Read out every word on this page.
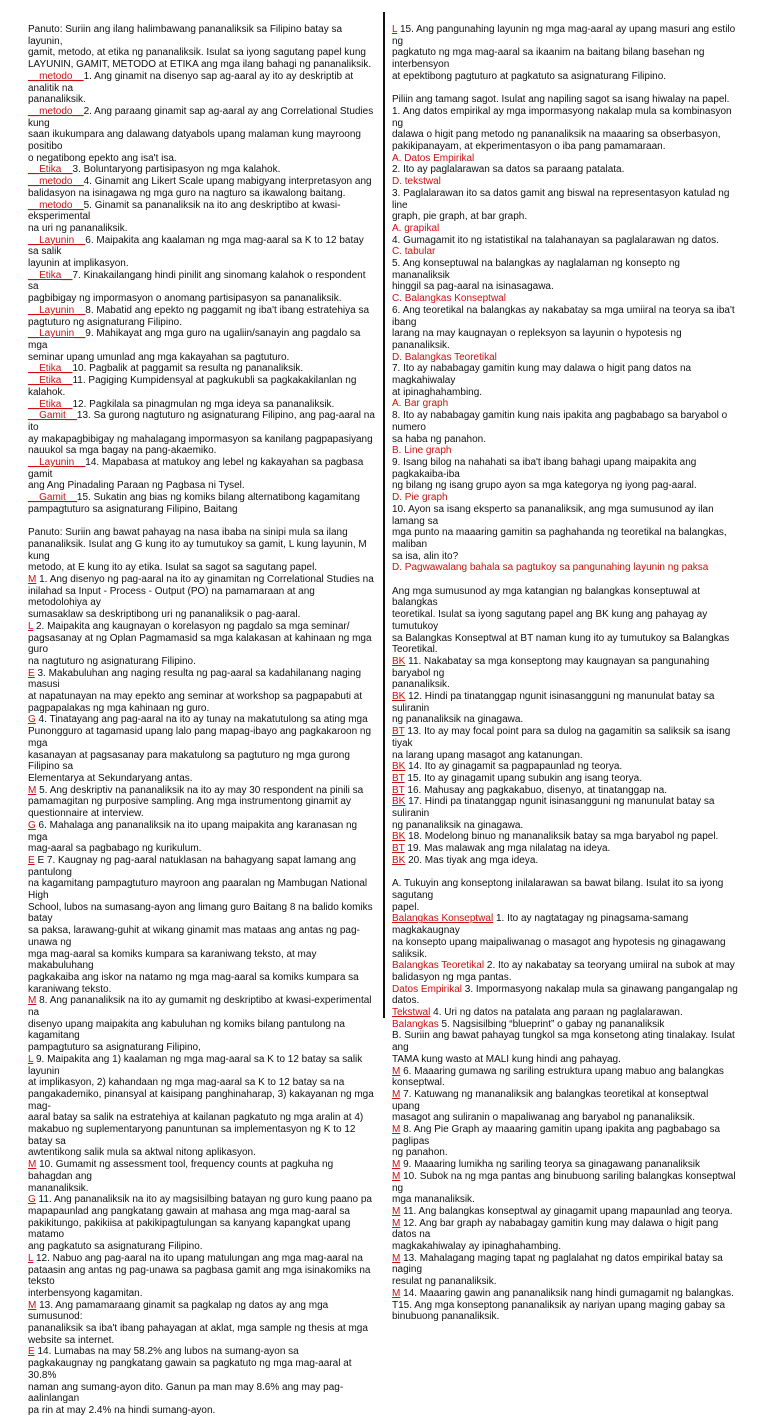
Panuto: Suriin ang ilang halimbawang pananaliksik sa Filipino batay sa layunin,
gamit, metodo, at etika ng pananaliksik. Isulat sa iyong sagutang papel kung
LAYUNIN, GAMIT, METODO at ETIKA ang mga ilang bahagi ng pananaliksik.
__metodo__1. Ang ginamit na disenyo sap ag-aaral ay ito ay deskriptib at analitik na
pananaliksik.
__metodo__2. Ang paraang ginamit sap ag-aaral ay ang Correlational Studies kung
saan ikukumpara ang dalawang datyabols upang malaman kung mayroong positibo
o negatibong epekto ang isa't isa.
__Etika__3. Boluntaryong partisipasyon ng mga kalahok.
__metodo__4. Ginamit ang Likert Scale upang mabigyang interpretasyon ang
balidasyon na isinagawa ng mga guro na nagturo sa ikawalong baitang.
__metodo__5. Ginamit sa pananaliksik na ito ang deskriptibo at kwasi-eksperimental
na uri ng pananaliksik.
__Layunin__6. Maipakita ang kaalaman ng mga mag-aaral sa K to 12 batay sa salik
layunin at implikasyon.
__Etika__7. Kinakailangang hindi pinilit ang sinomang kalahok o respondent sa
pagbibigay ng impormasyon o anomang partisipasyon sa pananaliksik.
__Layunin__8. Mabatid ang epekto ng paggamit ng iba't ibang estratehiya sa
pagtuturo ng asignaturang Filipino.
__Layunin__9. Mahikayat ang mga guro na ugaliin/sanayin ang pagdalo sa mga
seminar upang umunlad ang mga kakayahan sa pagtuturo.
__Etika__10. Pagbalik at paggamit sa resulta ng pananaliksik.
__Etika__11. Pagiging Kumpidensyal at pagkukubli sa pagkakakilanlan ng
kalahok.
__Etika__12. Pagkilala sa pinagmulan ng mga ideya sa pananaliksik.
__Gamit__13. Sa gurong nagtuturo ng asignaturang Filipino, ang pag-aaral na ito
ay makapagbibigay ng mahalagang impormasyon sa kanilang pagpapasiyang
nauukol sa mga bagay na pang-akaemiko.
__Layunin__14. Mapabasa at matukoy ang lebel ng kakayahan sa pagbasa gamit
ang Ang Pinadaling Paraan ng Pagbasa ni Tysel.
__Gamit__15. Sukatin ang bias ng komiks bilang alternatibong kagamitang
pampagtuturo sa asignaturang Filipino, Baitang
Panuto: Suriin ang bawat pahayag na nasa ibaba na sinipi mula sa ilang
pananaliksik. Isulat ang G kung ito ay tumutukoy sa gamit, L kung layunin, M kung
metodo, at E kung ito ay etika. Isulat sa sagot sa sagutang papel.
M 1. Ang disenyo ng pag-aaral na ito ay ginamitan ng Correlational Studies na
inilahad sa Input - Process - Output (PO) na pamamaraan at ang metodolohiya ay
sumasaklaw sa deskriptibong uri ng pananaliksik o pag-aaral.
L 2. Maipakita ang kaugnayan o korelasyon ng pagdalo sa mga seminar/
pagsasanay at ng Oplan Pagmamasid sa mga kalakasan at kahinaan ng mga guro
na nagtuturo ng asignaturang Filipino.
E 3. Makabuluhan ang naging resulta ng pag-aaral sa kadahilanang naging masusi
at napatunayan na may epekto ang seminar at workshop sa pagpapabuti at
pagpapalakas ng mga kahinaan ng guro.
G 4. Tinatayang ang pag-aaral na ito ay tunay na makatutulong sa ating mga
Punongguro at tagamasid upang lalo pang mapag-ibayo ang pagkakaroon ng mga
kasanayan at pagsasanay para makatulong sa pagtuturo ng mga gurong Filipino sa
Elementarya at Sekundaryang antas.
M 5. Ang deskriptiv na pananaliksik na ito ay may 30 respondent na pinili sa
pamamagitan ng purposive sampling. Ang mga instrumentong ginamit ay
questionnaire at interview.
G 6. Mahalaga ang pananaliksik na ito upang maipakita ang karanasan ng mga
mag-aaral sa pagbabago ng kurikulum.
E E 7. Kaugnay ng pag-aaral natuklasan na bahagyang sapat lamang ang pantulong
na kagamitang pampagtuturo mayroon ang paaralan ng Mambugan National High
School, lubos na sumasang-ayon ang limang guro Baitang 8 na balido komiks batay
sa paksa, larawang-guhit at wikang ginamit mas mataas ang antas ng pag-unawa ng
mga mag-aaral sa komiks kumpara sa karaniwang teksto, at may makabuluhang
pagkakaiba ang iskor na natamo ng mga mag-aaral sa komiks kumpara sa
karaniwang teksto.
M 8. Ang pananaliksik na ito ay gumamit ng deskriptibo at kwasi-experimental na
disenyo upang maipakita ang kabuluhan ng komiks bilang pantulong na kagamitang
pampagtuturo sa asignaturang Filipino,
L 9. Maipakita ang 1) kaalaman ng mga mag-aaral sa K to 12 batay sa salik layunin
at implikasyon, 2) kahandaan ng mga mag-aaral sa K to 12 batay sa na
pangakademiko, pinansyal at kaisipang panghinaharap, 3) kakayanan ng mga mag-
aaral batay sa salik na estratehiya at kailanan pagkatuto ng mga aralin at 4)
makabuo ng suplementaryong panuntunan sa implementasyon ng K to 12 batay sa
awtentikong salik mula sa aktwal nitong aplikasyon.
M 10. Gumamit ng assessment tool, frequency counts at pagkuha ng bahagdan ang
mananaliksik.
G 11. Ang pananaliksik na ito ay magsisilbing batayan ng guro kung paano pa
mapapaunlad ang pangkatang gawain at mahasa ang mga mag-aaral sa
pakikitungo, pakikiisa at pakikipagtulungan sa kanyang kapangkat upang matamo
ang pagkatuto sa asignaturang Filipino.
L 12. Nabuo ang pag-aaral na ito upang matulungan ang mga mag-aaral na
pataasin ang antas ng pag-unawa sa pagbasa gamit ang mga isinakomiks na teksto
interbensyong kagamitan.
M 13. Ang pamamaraang ginamit sa pagkalap ng datos ay ang mga sumusunod:
pananaliksik sa iba't ibang pahayagan at aklat, mga sample ng thesis at mga
website sa internet.
E 14. Lumabas na may 58.2% ang lubos na sumang-ayon sa
pagkakaugnay ng pangkatang gawain sa pagkatuto ng mga mag-aaral at 30.8%
naman ang sumang-ayon dito. Ganun pa man may 8.6% ang may pag-aalinlangan
pa rin at may 2.4% na hindi sumang-ayon.
L 15. Ang pangunahing layunin ng mga mag-aaral ay upang masuri ang estilo ng
pagkatuto ng mga mag-aaral sa ikaanim na baitang bilang basehan ng interbensyon
at epektibong pagtuturo at pagkatuto sa asignaturang Filipino.
Piliin ang tamang sagot. Isulat ang napiling sagot sa isang hiwalay na papel.
1. Ang datos empirikal ay mga impormasyong nakalap mula sa kombinasyon ng
dalawa o higit pang metodo ng pananaliksik na maaaring sa obserbasyon,
pakikipanayam, at ekperimentasyon o iba pang pamamaraan.
A. Datos Empirikal
2. Ito ay paglalarawan sa datos sa paraang patalata.
D. tekstwal
3. Paglalarawan ito sa datos gamit ang biswal na representasyon katulad ng line
graph, pie graph, at bar graph.
A. grapikal
4. Gumagamit ito ng istatistikal na talahanayan sa paglalarawan ng datos.
C. tabular
5. Ang konseptuwal na balangkas ay naglalaman ng konsepto ng mananaliksik
hinggil sa pag-aaral na isinasagawa.
C. Balangkas Konseptwal
6. Ang teoretikal na balangkas ay nakabatay sa mga umiiral na teorya sa iba't ibang
larang na may kaugnayan o repleksyon sa layunin o hypotesis ng pananaliksik.
D. Balangkas Teoretikal
7. Ito ay nababagay gamitin kung may dalawa o higit pang datos na magkahiwalay
at ipinaghahambing.
A. Bar graph
8. Ito ay nababagay gamitin kung nais ipakita ang pagbabago sa baryabol o numero
sa haba ng panahon.
B. Line graph
9. Isang bilog na nahahati sa iba't ibang bahagi upang maipakita ang pagkakaiba-iba
ng bilang ng isang grupo ayon sa mga kategorya ng iyong pag-aaral.
D. Pie graph
10. Ayon sa isang eksperto sa pananaliksik, ang mga sumusunod ay ilan lamang sa
mga punto na maaaring gamitin sa paghahanda ng teoretikal na balangkas, maliban
sa isa, alin ito?
D. Pagwawalang bahala sa pagtukoy sa pangunahing layunin ng paksa
Ang mga sumusunod ay mga katangian ng balangkas konseptuwal at balangkas
teoretikal. Isulat sa iyong sagutang papel ang BK kung ang pahayag ay tumutukoy
sa Balangkas Konseptwal at BT naman kung ito ay tumutukoy sa Balangkas
Teoretikal.
BK 11. Nakabatay sa mga konseptong may kaugnayan sa pangunahing baryabol ng
pananaliksik.
BK 12. Hindi pa tinatanggap ngunit isinasangguni ng manunulat batay sa suliranin
ng pananaliksik na ginagawa.
BT 13. Ito ay may focal point para sa dulog na gagamitin sa saliksik sa isang tiyak
na larang upang masagot ang katanungan.
BK 14. Ito ay ginagamit sa pagpapaunlad ng teorya.
BT 15. Ito ay ginagamit upang subukin ang isang teorya.
BT 16. Mahusay ang pagkakabuo, disenyo, at tinatanggap na.
BK 17. Hindi pa tinatanggap ngunit isinasangguni ng manunulat batay sa suliranin
ng pananaliksik na ginagawa.
BK 18. Modelong binuo ng mananaliksik batay sa mga baryabol ng papel.
BT 19. Mas malawak ang mga nilalatag na ideya.
BK 20. Mas tiyak ang mga ideya.
A. Tukuyin ang konseptong inilalarawan sa bawat bilang. Isulat ito sa iyong sagutang
papel.
Balangkas Konseptwal 1. Ito ay nagtatagay ng pinagsama-samang magkakaugnay
na konsepto upang maipaliwanag o masagot ang hypotesis ng ginagawang
saliksik.
Balangkas Teoretikal 2. Ito ay nakabatay sa teoryang umiiral na subok at may
balidasyon ng mga pantas.
Datos Empirikal 3. Impormasyong nakalap mula sa ginawang pangangalap ng datos.
Tekstwal 4. Uri ng datos na patalata ang paraan ng paglalarawan.
Balangkas 5. Nagsisilbing “blueprint” o gabay ng pananaliksik
B. Suriin ang bawat pahayag tungkol sa mga konsetong ating tinalakay. Isulat ang
TAMA kung wasto at MALI kung hindi ang pahayag.
M 6. Maaaring gumawa ng sariling estruktura upang mabuo ang balangkas
konseptwal.
M 7. Katuwang ng mananaliksik ang balangkas teoretikal at konseptwal upang
masagot ang suliranin o mapaliwanag ang baryabol ng pananaliksik.
M 8. Ang Pie Graph ay maaaring gamitin upang ipakita ang pagbabago sa paglipas
ng panahon.
M 9. Maaaring lumikha ng sariling teorya sa ginagawang pananaliksik
M 10. Subok na ng mga pantas ang binubuong sariling balangkas konseptwal ng
mga mananaliksik.
M 11. Ang balangkas konseptwal ay ginagamit upang mapaunlad ang teorya.
M 12. Ang bar graph ay nababagay gamitin kung may dalawa o higit pang datos na
magkakahiwalay ay ipinaghahambing.
M 13. Mahalagang maging tapat ng paglalahat ng datos empirikal batay sa naging
resulat ng pananaliksik.
M 14. Maaaring gawin ang pananaliksik nang hindi gumagamit ng balangkas.
T15. Ang mga konseptong pananaliksik ay nariyan upang maging gabay sa
binubuong pananaliksik.
